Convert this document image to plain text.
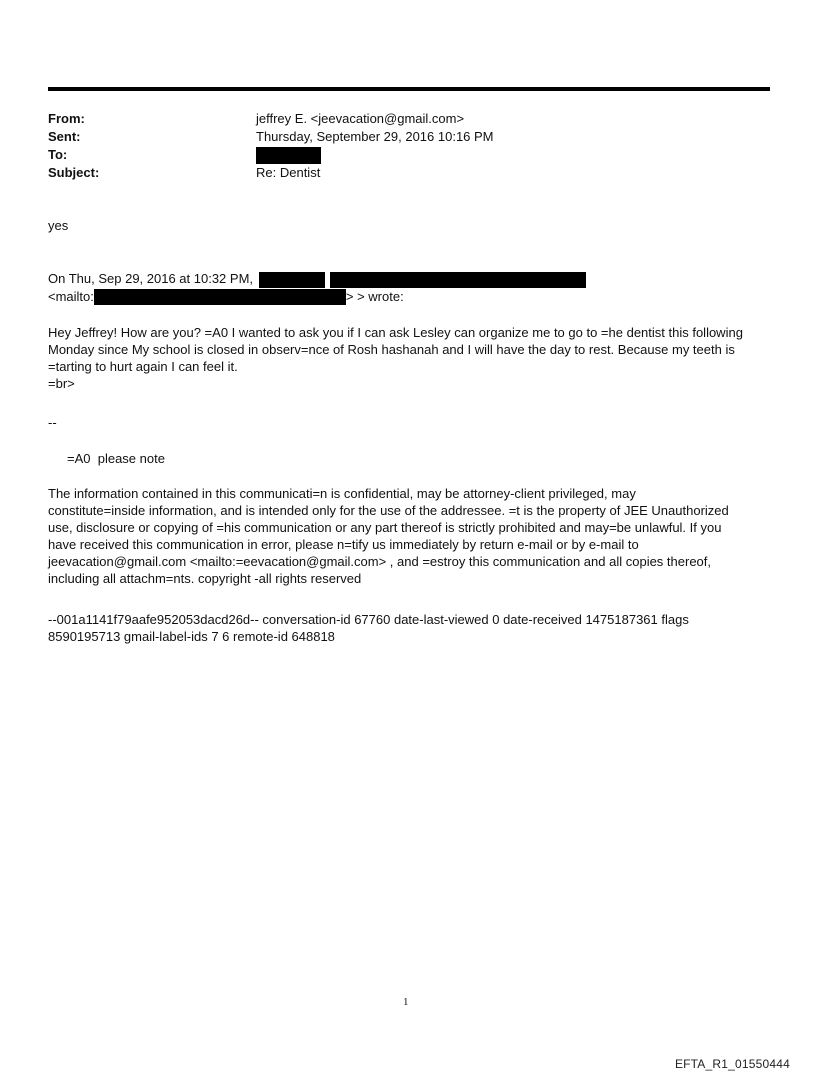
From:	jeffrey E. <jeevacation@gmail.com>
Sent:	Thursday, September 29, 2016 10:16 PM
To:
Subject:	Re: Dentist
yes
On Thu, Sep 29, 2016 at 10:32 PM,
<mailto:	> > wrote:
Hey Jeffrey! How are you? =A0 I wanted to ask you if I can ask Lesley can organize me to go to =he dentist this following
Monday since My school is closed in observ=nce of Rosh hashanah and I will have the day to rest. Because my teeth is
=tarting to hurt again I can feel it.
=br>
--
=A0  please note
The information contained in this communicati=n is confidential, may be attorney-client privileged, may
constitute=inside information, and is intended only for the use of the addressee. =t is the property of JEE Unauthorized
use, disclosure or copying of =his communication or any part thereof is strictly prohibited and may=be unlawful. If you
have received this communication in error, please n=tify us immediately by return e-mail or by e-mail to
jeevacation@gmail.com <mailto:=eevacation@gmail.com> , and =estroy this communication and all copies thereof,
including all attachm=nts. copyright -all rights reserved
--001a1141f79aafe952053dacd26d-- conversation-id 67760 date-last-viewed 0 date-received 1475187361 flags
8590195713 gmail-label-ids 7 6 remote-id 648818
1
EFTA_R1_01550444
